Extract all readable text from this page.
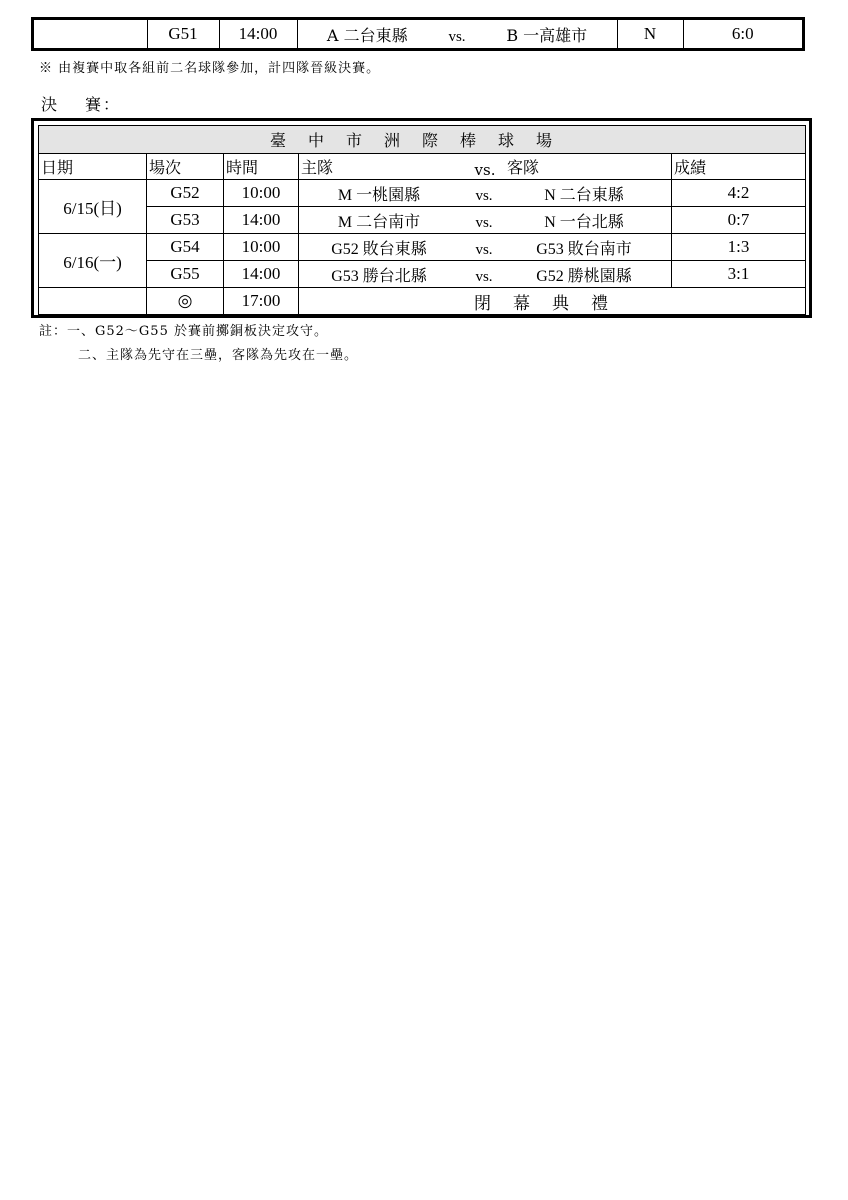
	G51	14:00	A 二台東縣	vs.	B 一高雄市	N	6:0
※ 由複賽中取各組前二名球隊參加，計四隊晉級決賽。
決 賽：
臺中市洲際棒球場				
日期	場次	時間	主隊 vs. 客隊	成績
6/15(日)	G52	10:00	M 一桃園縣 vs. N 二台東縣	4:2
	G53	14:00	M 二台南市 vs. N 一台北縣	0:7
6/16(一)	G54	10:00	G52 敗台東縣 vs. G53 敗台南市	1:3
	G55	14:00	G53 勝台北縣 vs. G52 勝桃園縣	3:1
	◎	17:00	閉幕典禮	
註：一、G52～G55 於賽前擲銅板決定攻守。
二、主隊為先守在三壘，客隊為先攻在一壘。
